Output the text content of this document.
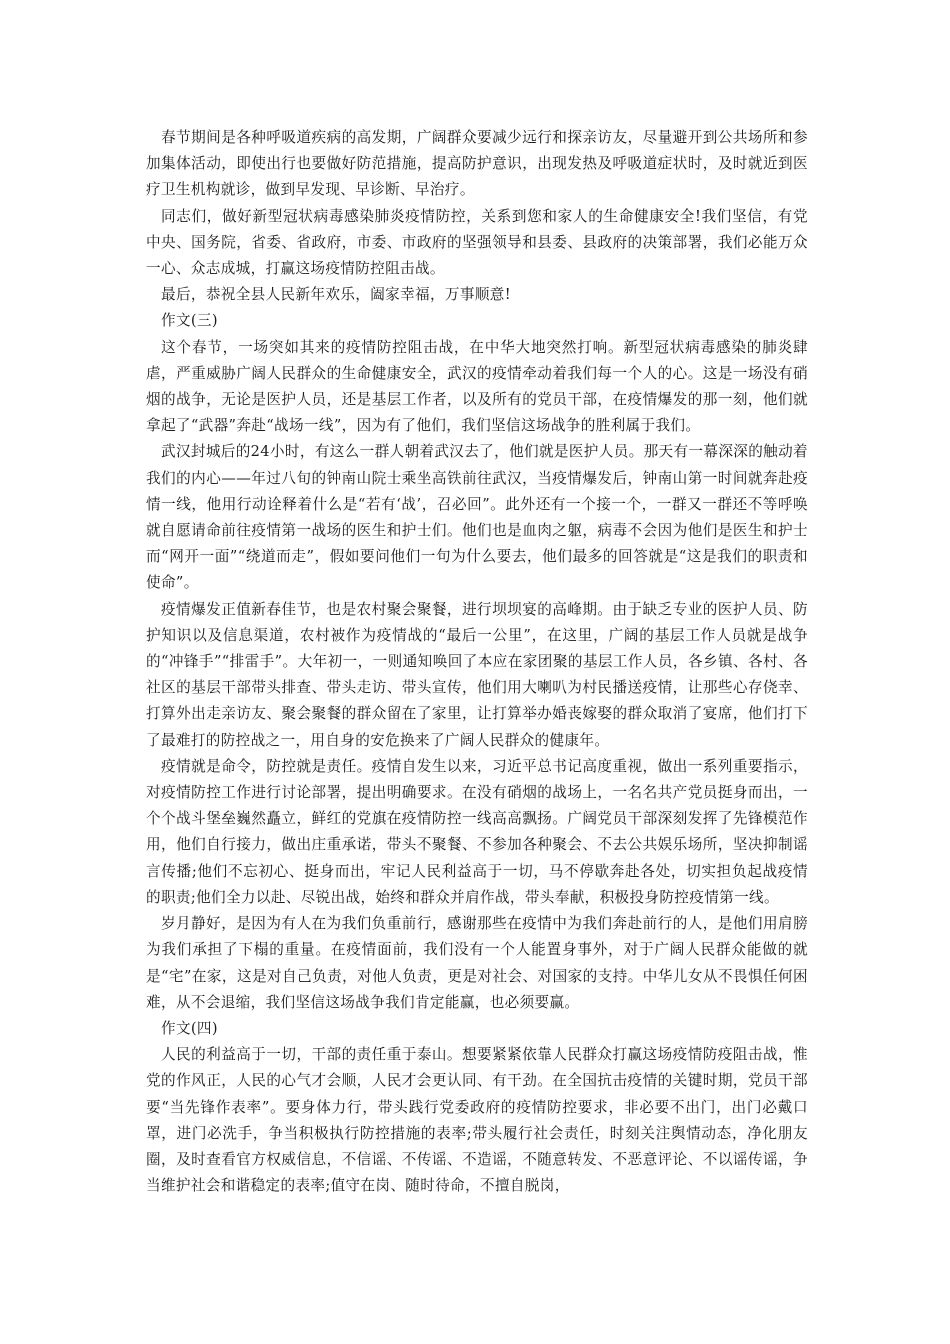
春节期间是各种呼吸道疾病的高发期，广阔群众要减少远行和探亲访友，尽量避开到公共场所和参加集体活动，即使出行也要做好防范措施，提高防护意识，出现发热及呼吸道症状时，及时就近到医疗卫生机构就诊，做到早发现、早诊断、早治疗。

同志们，做好新型冠状病毒感染肺炎疫情防控，关系到您和家人的生命健康安全!我们坚信，有党中央、国务院，省委、省政府，市委、市政府的坚强领导和县委、县政府的决策部署，我们必能万众一心、众志成城，打赢这场疫情防控阻击战。

最后，恭祝全县人民新年欢乐，阖家幸福，万事顺意!

作文(三)

这个春节，一场突如其来的疫情防控阻击战，在中华大地突然打响。新型冠状病毒感染的肺炎肆虐，严重威胁广阔人民群众的生命健康安全，武汉的疫情牵动着我们每一个人的心。这是一场没有硝烟的战争，无论是医护人员，还是基层工作者，以及所有的党员干部，在疫情爆发的那一刻，他们就拿起了“武器”奔赴“战场一线”，因为有了他们，我们坚信这场战争的胜利属于我们。

武汉封城后的24小时，有这么一群人朝着武汉去了，他们就是医护人员。那天有一幕深深的触动着我们的内心——年过八旬的钟南山院士乘坐高铁前往武汉，当疫情爆发后，钟南山第一时间就奔赴疫情一线，他用行动诠释着什么是“若有‘战’，召必回”。此外还有一个接一个，一群又一群还不等呼唤就自愿请命前往疫情第一战场的医生和护士们。他们也是血肉之躯，病毒不会因为他们是医生和护士而“网开一面”“绕道而走”，假如要问他们一句为什么要去，他们最多的回答就是“这是我们的职责和使命”。

疫情爆发正值新春佳节，也是农村聚会聚餐，进行坝坝宴的高峰期。由于缺乏专业的医护人员、防护知识以及信息渠道，农村被作为疫情战的“最后一公里”，在这里，广阔的基层工作人员就是战争的“冲锋手”“排雷手”。大年初一，一则通知唤回了本应在家团聚的基层工作人员，各乡镇、各村、各社区的基层干部带头排查、带头走访、带头宣传，他们用大喇叭为村民播送疫情，让那些心存侥幸、打算外出走亲访友、聚会聚餐的群众留在了家里，让打算举办婚丧嫁娶的群众取消了宴席，他们打下了最难打的防控战之一，用自身的安危换来了广阔人民群众的健康年。

疫情就是命令，防控就是责任。疫情自发生以来，习近平总书记高度重视，做出一系列重要指示，对疫情防控工作进行讨论部署，提出明确要求。在没有硝烟的战场上，一名名共产党员挺身而出，一个个战斗堡垒巍然矗立，鲜红的党旗在疫情防控一线高高飘扬。广阔党员干部深刻发挥了先锋模范作用，他们自行接力，做出庄重承诺，带头不聚餐、不参加各种聚会、不去公共娱乐场所，坚决抑制谣言传播;他们不忘初心、挺身而出，牢记人民利益高于一切，马不停歇奔赴各处，切实担负起战疫情的职责;他们全力以赴、尽锐出战，始终和群众并肩作战，带头奉献，积极投身防控疫情第一线。

岁月静好，是因为有人在为我们负重前行，感谢那些在疫情中为我们奔赴前行的人，是他们用肩膀为我们承担了下榻的重量。在疫情面前，我们没有一个人能置身事外，对于广阔人民群众能做的就是“宅”在家，这是对自己负责，对他人负责，更是对社会、对国家的支持。中华儿女从不畏惧任何困难，从不会退缩，我们坚信这场战争我们肯定能赢，也必须要赢。

作文(四)

人民的利益高于一切，干部的责任重于泰山。想要紧紧依靠人民群众打赢这场疫情防疫阻击战，惟党的作风正，人民的心气才会顺，人民才会更认同、有干劲。在全国抗击疫情的关键时期，党员干部要“当先锋作表率”。要身体力行，带头践行党委政府的疫情防控要求，非必要不出门，出门必戴口罩，进门必洗手，争当积极执行防控措施的表率;带头履行社会责任，时刻关注舆情动态，净化朋友圈，及时查看官方权威信息，不信谣、不传谣、不造谣，不随意转发、不恶意评论、不以谣传谣，争当维护社会和谐稳定的表率;值守在岗、随时待命，不擅自脱岗，
